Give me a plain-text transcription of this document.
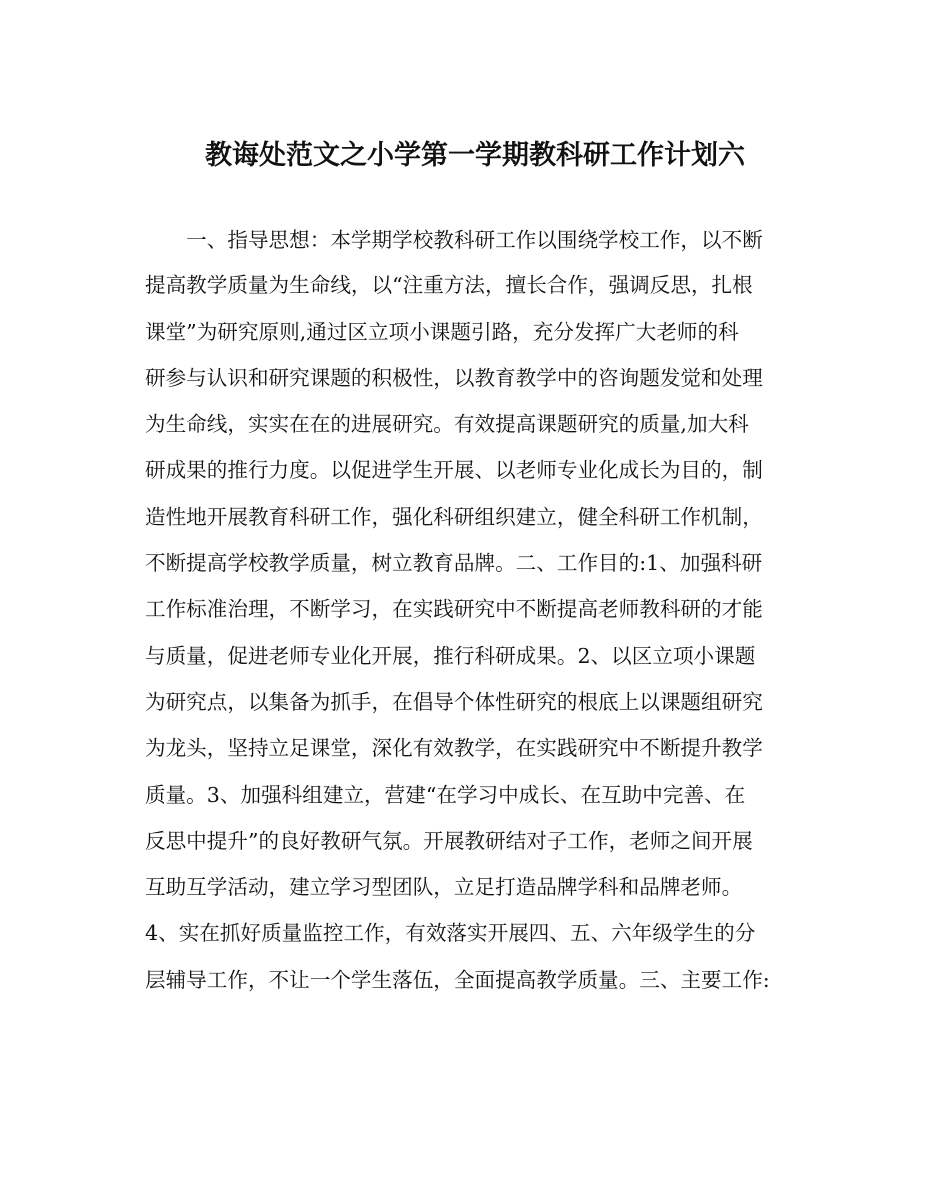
教诲处范文之小学第一学期教科研工作计划六
　　一、指导思想：本学期学校教科研工作以围绕学校工作，以不断
提高教学质量为生命线，以“注重方法，擅长合作，强调反思，扎根
课堂”为研究原则,通过区立项小课题引路，充分发挥广大老师的科
研参与认识和研究课题的积极性，以教育教学中的咨询题发觉和处理
为生命线，实实在在的进展研究。有效提高课题研究的质量,加大科
研成果的推行力度。以促进学生开展、以老师专业化成长为目的，制
造性地开展教育科研工作，强化科研组织建立，健全科研工作机制，
不断提高学校教学质量，树立教育品牌。二、工作目的:1、加强科研
工作标准治理，不断学习，在实践研究中不断提高老师教科研的才能
与质量，促进老师专业化开展，推行科研成果。2、以区立项小课题
为研究点，以集备为抓手，在倡导个体性研究的根底上以课题组研究
为龙头，坚持立足课堂，深化有效教学，在实践研究中不断提升教学
质量。3、加强科组建立，营建“在学习中成长、在互助中完善、在
反思中提升”的良好教研气氛。开展教研结对子工作，老师之间开展
互助互学活动，建立学习型团队，立足打造品牌学科和品牌老师。
4、实在抓好质量监控工作，有效落实开展四、五、六年级学生的分
层辅导工作，不让一个学生落伍，全面提高教学质量。三、主要工作:
